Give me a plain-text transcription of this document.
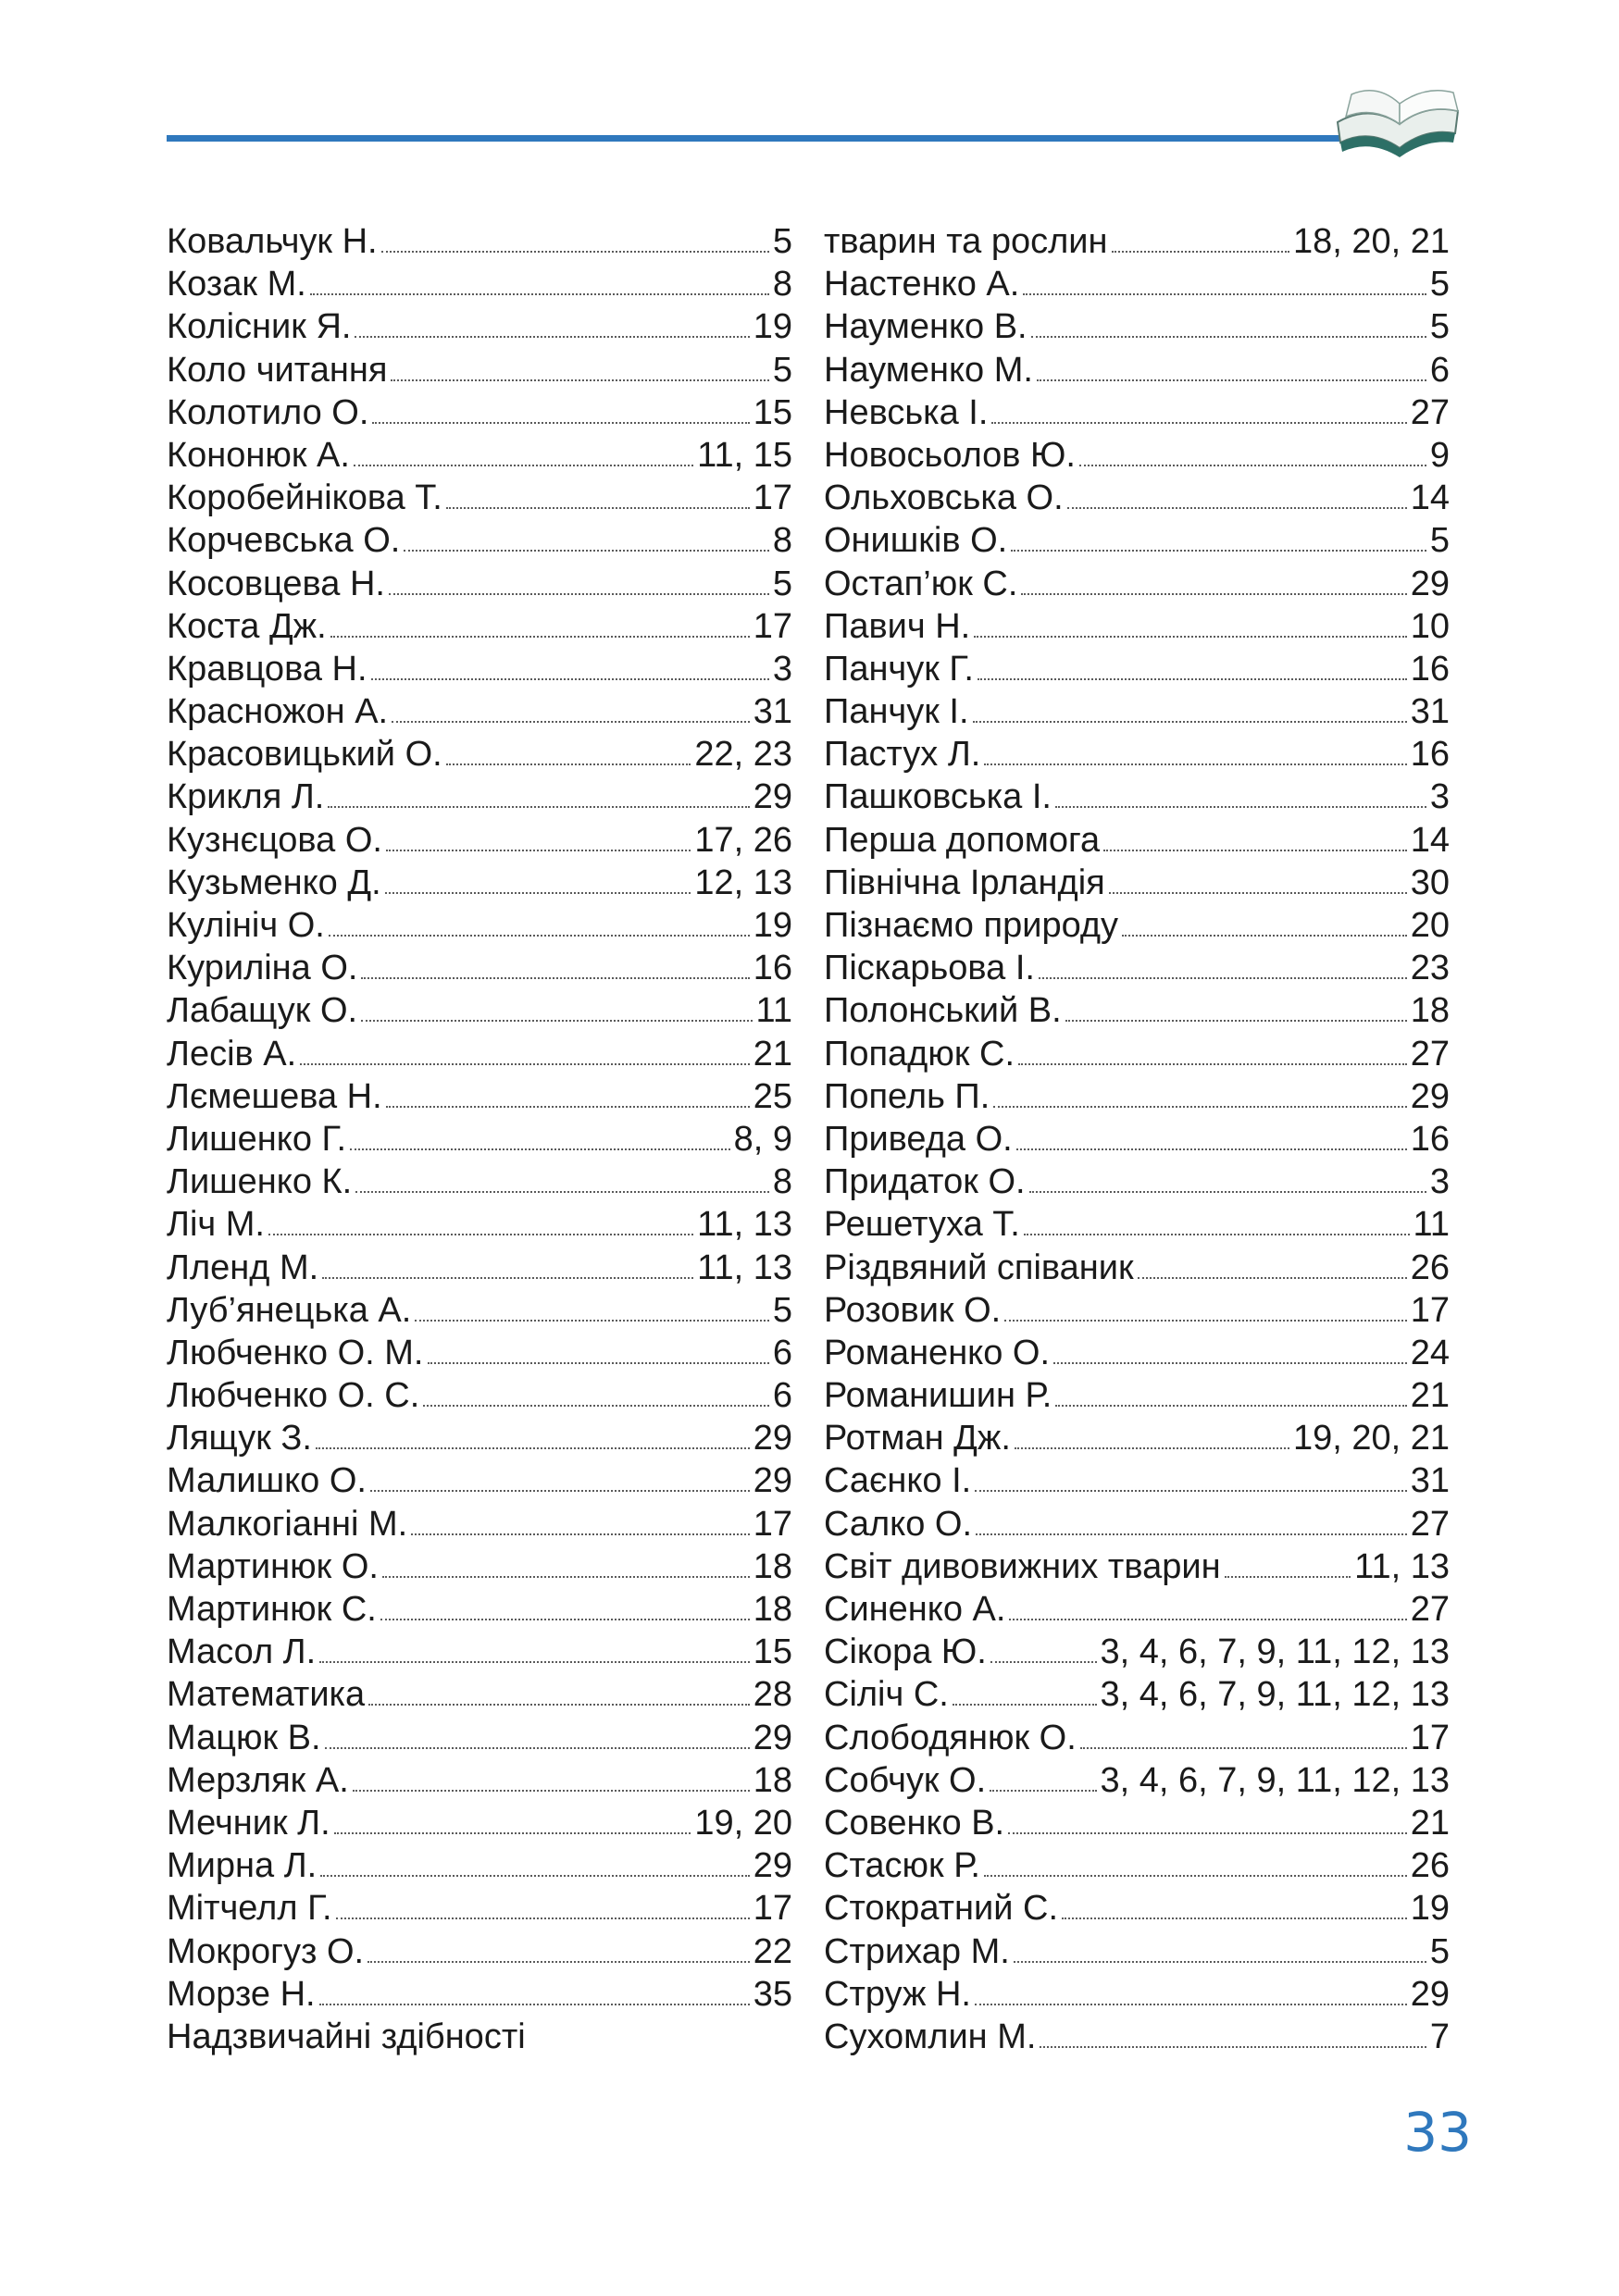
Ковальчук Н.	5
Козак М.	8
Колісник Я.	19
Коло читання	5
Колотило О.	15
Кононюк А.	11, 15
Коробейнікова Т.	17
Корчевська О.	8
Косовцева Н.	5
Коста Дж.	17
Кравцова Н.	3
Красножон А.	31
Красовицький О.	22, 23
Крикля Л.	29
Кузнєцова О.	17, 26
Кузьменко Д.	12, 13
Кулініч О.	19
Куриліна О.	16
Лабащук О.	11
Лесів А.	21
Лємешева Н.	25
Лишенко Г.	8, 9
Лишенко К.	8
Ліч М.	11, 13
Лленд М.	11, 13
Луб’янецька А.	5
Любченко О. М.	6
Любченко О. С.	6
Лящук З.	29
Малишко О.	29
Малкогіанні М.	17
Мартинюк О.	18
Мартинюк С.	18
Масол Л.	15
Математика	28
Мацюк В.	29
Мерзляк А.	18
Мечник Л.	19, 20
Мирна Л.	29
Мітчелл Г.	17
Мокрогуз О.	22
Морзе Н.	35
Надзвичайні здібності
тварин та рослин	18, 20, 21
Настенко А.	5
Науменко В.	5
Науменко М.	6
Невська І.	27
Новосьолов Ю.	9
Ольховська О.	14
Онишків О.	5
Остап’юк С.	29
Павич Н.	10
Панчук Г.	16
Панчук І.	31
Пастух Л.	16
Пашковська І.	3
Перша допомога	14
Північна Ірландія	30
Пізнаємо природу	20
Піскарьова І.	23
Полонський В.	18
Попадюк С.	27
Попель П.	29
Приведа О.	16
Придаток О.	3
Решетуха Т.	11
Різдвяний співаник	26
Розовик О.	17
Романенко О.	24
Романишин Р.	21
Ротман Дж.	19, 20, 21
Саєнко І.	31
Салко О.	27
Світ дивовижних тварин	11, 13
Синенко А.	27
Сікора Ю.	3, 4, 6, 7, 9, 11, 12, 13
Сіліч С.	3, 4, 6, 7, 9, 11, 12, 13
Слободянюк О.	17
Собчук О.	3, 4, 6, 7, 9, 11, 12, 13
Совенко В.	21
Стасюк Р.	26
Стократний С.	19
Стрихар М.	5
Струж Н.	29
Сухомлин М.	7
33
